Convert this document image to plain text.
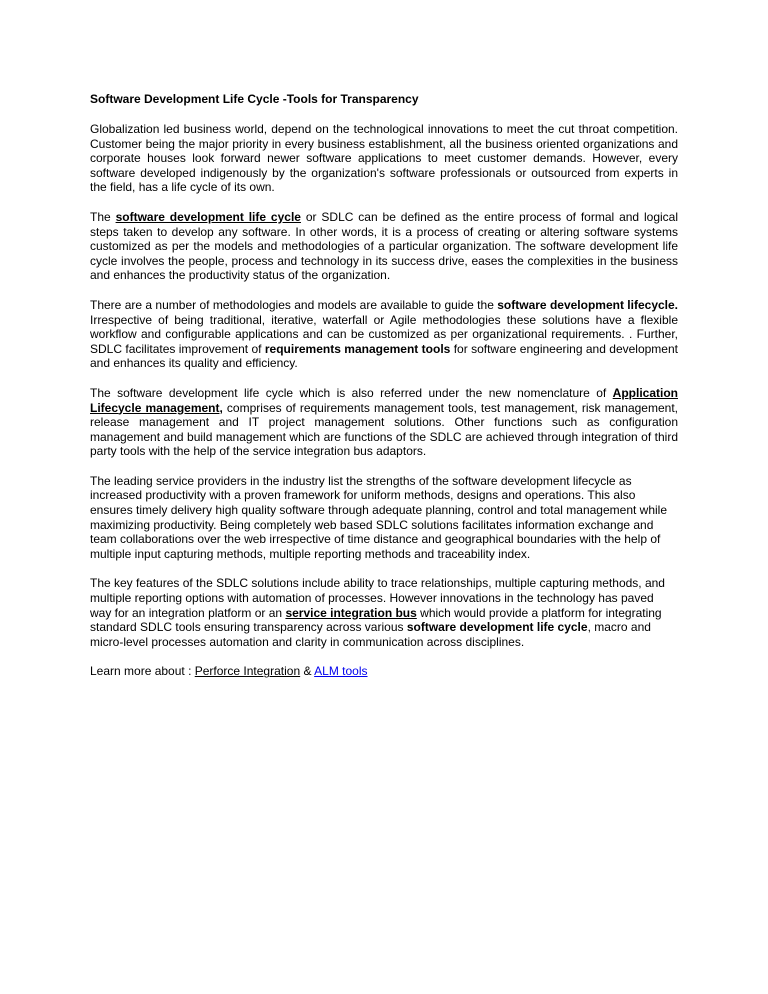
Software Development Life Cycle -Tools for Transparency

Globalization led business world, depend on the technological innovations to meet the cut throat competition. Customer being the major priority in every business establishment, all the business oriented organizations and corporate houses look forward newer software applications to meet customer demands. However, every software developed indigenously by the organization's software professionals or outsourced from experts in the field, has a life cycle of its own.

The software development life cycle or SDLC can be defined as the entire process of formal and logical steps taken to develop any software. In other words, it is a process of creating or altering software systems customized as per the models and methodologies of a particular organization. The software development life cycle involves the people, process and technology in its success drive, eases the complexities in the business and enhances the productivity status of the organization.

There are a number of methodologies and models are available to guide the software development lifecycle. Irrespective of being traditional, iterative, waterfall or Agile methodologies these solutions have a flexible workflow and configurable applications and can be customized as per organizational requirements. . Further, SDLC facilitates improvement of requirements management tools for software engineering and development and enhances its quality and efficiency.

The software development life cycle which is also referred under the new nomenclature of Application Lifecycle management, comprises of requirements management tools, test management, risk management, release management and IT project management solutions. Other functions such as configuration management and build management which are functions of the SDLC are achieved through integration of third party tools with the help of the service integration bus adaptors.

The leading service providers in the industry list the strengths of the software development lifecycle as increased productivity with a proven framework for uniform methods, designs and operations. This also ensures timely delivery high quality software through adequate planning, control and total management while maximizing productivity. Being completely web based SDLC solutions facilitates information exchange and team collaborations over the web irrespective of time distance and geographical boundaries with the help of multiple input capturing methods, multiple reporting methods and traceability index.

The key features of the SDLC solutions include ability to trace relationships, multiple capturing methods, and multiple reporting options with automation of processes. However innovations in the technology has paved way for an integration platform or an service integration bus which would provide a platform for integrating standard SDLC tools ensuring transparency across various software development life cycle, macro and micro-level processes automation and clarity in communication across disciplines.

Learn more about : Perforce Integration & ALM tools
